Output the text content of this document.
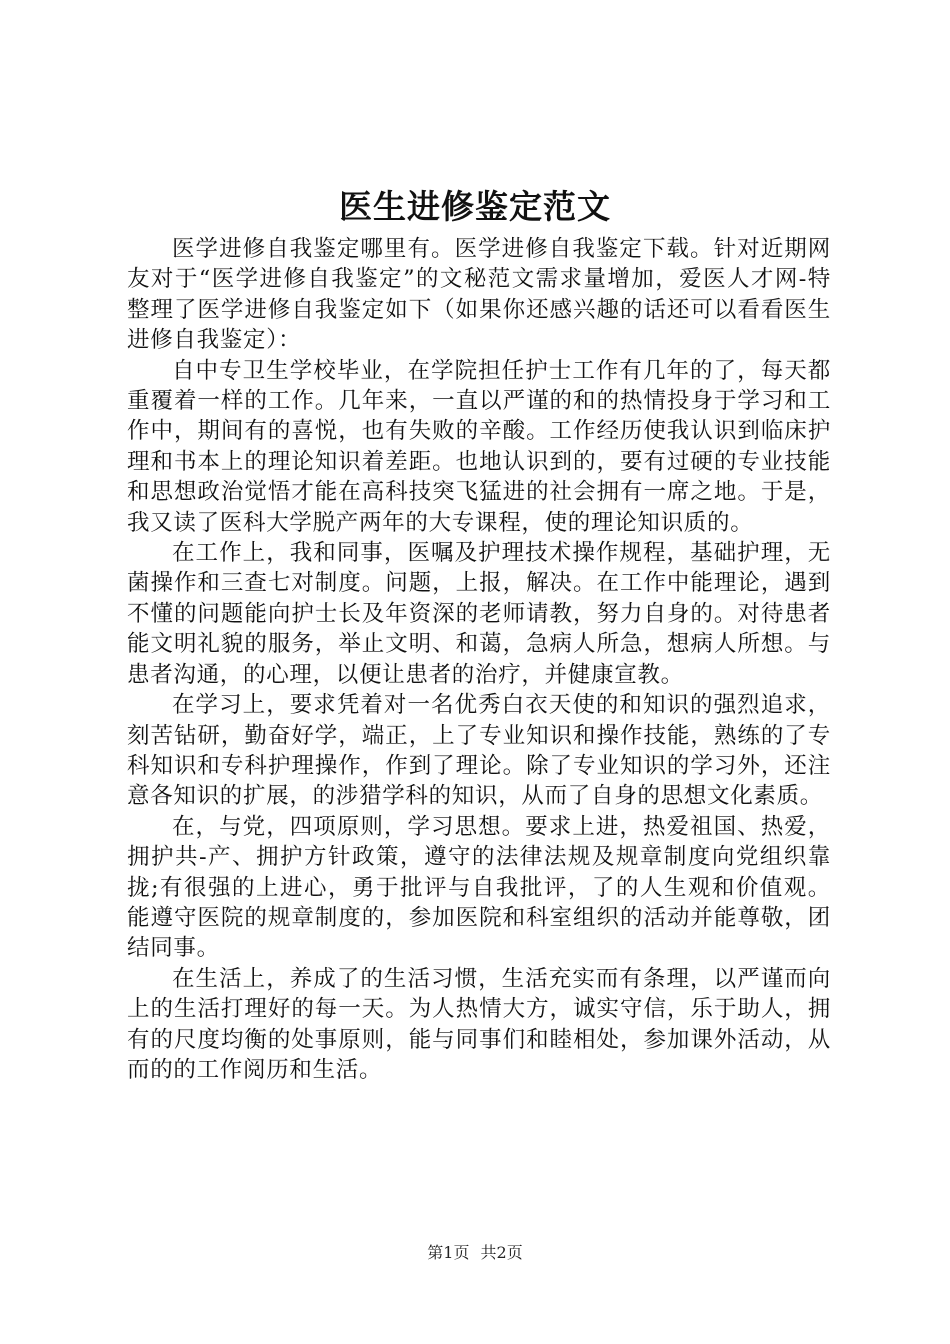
医生进修鉴定范文

医学进修自我鉴定哪里有。医学进修自我鉴定下载。针对近期网友对于“医学进修自我鉴定”的文秘范文需求量增加，爱医人才网-特整理了医学进修自我鉴定如下（如果你还感兴趣的话还可以看看医生进修自我鉴定）：

自中专卫生学校毕业，在学院担任护士工作有几年的了，每天都重覆着一样的工作。几年来，一直以严谨的和的热情投身于学习和工作中，期间有的喜悦，也有失败的辛酸。工作经历使我认识到临床护理和书本上的理论知识着差距。也地认识到的，要有过硬的专业技能和思想政治觉悟才能在高科技突飞猛进的社会拥有一席之地。于是，我又读了医科大学脱产两年的大专课程，使的理论知识质的。

在工作上，我和同事，医嘱及护理技术操作规程，基础护理，无菌操作和三查七对制度。问题，上报，解决。在工作中能理论，遇到不懂的问题能向护士长及年资深的老师请教，努力自身的。对待患者能文明礼貌的服务，举止文明、和蔼，急病人所急，想病人所想。与患者沟通，的心理，以便让患者的治疗，并健康宣教。

在学习上，要求凭着对一名优秀白衣天使的和知识的强烈追求，刻苦钻研，勤奋好学，端正，上了专业知识和操作技能，熟练的了专科知识和专科护理操作，作到了理论。除了专业知识的学习外，还注意各知识的扩展，的涉猎学科的知识，从而了自身的思想文化素质。

在，与党，四项原则，学习思想。要求上进，热爱祖国、热爱，拥护共-产、拥护方针政策，遵守的法律法规及规章制度向党组织靠拢;有很强的上进心，勇于批评与自我批评，了的人生观和价值观。能遵守医院的规章制度的，参加医院和科室组织的活动并能尊敬，团结同事。

在生活上，养成了的生活习惯，生活充实而有条理，以严谨而向上的生活打理好的每一天。为人热情大方，诚实守信，乐于助人，拥有的尺度均衡的处事原则，能与同事们和睦相处，参加课外活动，从而的的工作阅历和生活。

第1页 共2页
